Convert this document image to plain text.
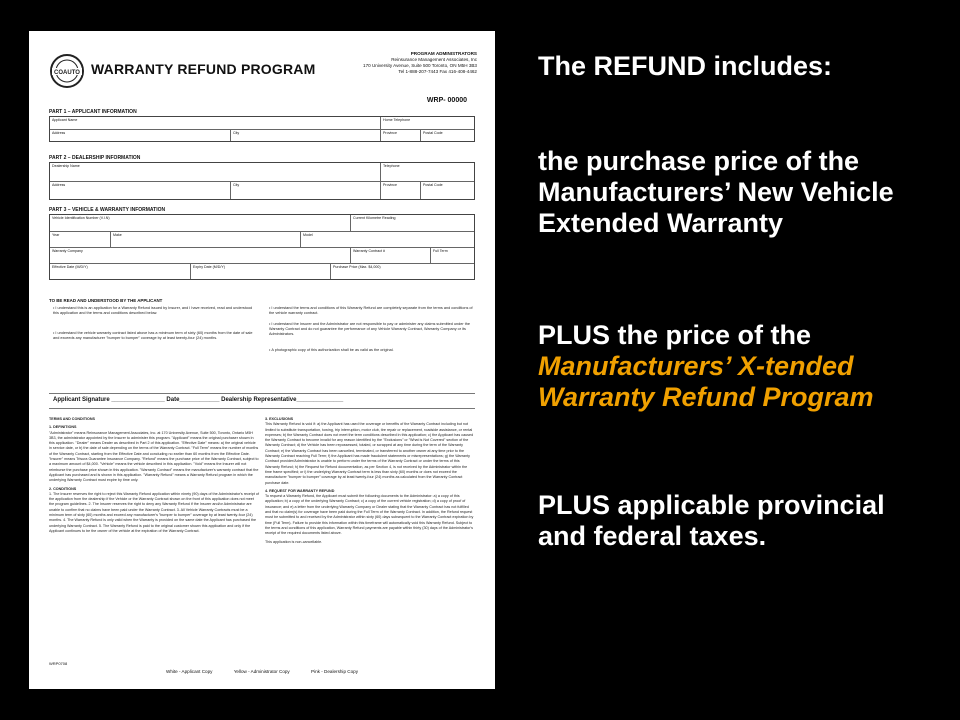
COAUTO WARRANTY REFUND PROGRAM
PROGRAM ADMINISTRATORS
Reinsurance Management Associates, Inc
170 University Avenue, Suite 500 Toronto, ON M5H 3B3
Tel 1-888-207-7443 Fax 416-408-4462
WRP- 00000
PART 1 – APPLICANT INFORMATION
Applicant Name	Home Telephone
Address	City	Province	Postal Code
PART 2 – DEALERSHIP INFORMATION
Dealership Name	Telephone
Address	City	Province	Postal Code
PART 3 – VEHICLE & WARRANTY INFORMATION
Vehicle Identification Number (V.I.N)	Current Kilometre Reading
Year	Make	Model
Warranty Company	Warranty Contract #	Full Term
Effective Date (M/D/Y)	Expiry Date (M/D/Y)	Purchase Price (Max. $4,000)
TO BE READ AND UNDERSTOOD BY THE APPLICANT
• I understand this is an application for a Warranty Refund issued by Insurer, and I have received, read and understood this application and the terms and conditions described below.
• I understand the vehicle warranty contract listed above has a minimum term of sixty (60) months from the date of sale and exceeds any manufacturer "bumper to bumper" coverage by at least twenty-four (24) months.
• I understand the terms and conditions of this Warranty Refund are completely separate from the terms and conditions of the vehicle warranty contract.
• I understand the Insurer and the Administrator are not responsible to pay or administer any claims submitted under the Warranty Contract and do not guarantee the performance of any Vehicle Warranty Contract, Warranty Company or its Administrators.
• A photographic copy of this authorization shall be as valid as the original.
Applicant Signature ________________ Date____________ Dealership Representative______________
TERMS AND CONDITIONS
1. DEFINITIONS
"Administrator" means Reinsurance Management Associates, Inc. at 170 University Avenue, Suite 500, Toronto, Ontario M5H 3B3, the administrator appointed by the Insurer to administer this program. "Applicant" means the original purchaser shown in this application. "Dealer" means Dealer as described in Part 2 of this application. "Effective Date" means: a) the original vehicle in service date, or b) the date of sale depending on the terms of the Warranty Contract. "Full Term" means the number of months of the Warranty Contract, starting from the Effective Date and concluding no earlier than 60 months from the Effective Date. "Insurer" means Trisura Guarantee Insurance Company. "Refund" means the purchase price of the Warranty Contract, subject to a maximum amount of $4,000. "Vehicle" means the vehicle described in this application. "Void" means the Insurer will not reimburse the purchase price shown in this application. "Warranty Contract" means the manufacturer's warranty contract that the Applicant has purchased and is shown in this application. "Warranty Refund" means a Warranty Refund program in which the underlying Warranty Contract must expire by time only.
2. CONDITIONS
1. The Insurer reserves the right to reject this Warranty Refund application within ninety (90) days of the Administrator's receipt of the application from the dealership if the Vehicle or the Warranty Contract shown on the front of this application does not meet the program guidelines. 2. The Insurer reserves the right to deny any Warranty Refund if the Insurer and/or Administrator are unable to confirm that no claims have been paid under the Warranty Contract. 3. All Vehicle Warranty Contracts must be a minimum term of sixty (60) months and exceed any manufacturer's "bumper to bumper" coverage by at least twenty-four (24) months. 4. The Warranty Refund is only valid when the Warranty is provided on the same date the Applicant has purchased the underlying Warranty Contract. 5. The Warranty Refund is paid to the original customer shown this application and only if the Applicant continues to be the owner of the vehicle at the expiration of the Warranty Contract.
3. EXCLUSIONS
This Warranty Refund is void if: a) the Applicant has used the coverage or benefits of the Warranty Contract including but not limited to substitute transportation, towing, trip interruption, motor club, tire repair or replacement, roadside assistance, or rental expenses; b) the Warranty Contract does not meet the term conditions described in this application; c) the Applicant has caused the Warranty Contract to become invalid for any reason identified by the "Exclusions" or "What is Not Covered" section of the Warranty Contract; d) the Vehicle has been repossessed, totaled, or scrapped at any time during the term of the Warranty Contract; e) the Warranty Contract has been cancelled, terminated, or transferred to another owner at any time prior to the Warranty Contract reaching Full Term; f) the Applicant has made fraudulent statements or misrepresentations; g) the Warranty Contract provider/Administrator is unable to perform under the terms of the Warranty Contract or under the terms of this Warranty Refund; h) the Request for Refund documentation, as per Section 4, is not received by the Administrator within the time frame specified; or i) the underlying Warranty Contract term is less than sixty (60) months or does not exceed the manufacturer "bumper to bumper" coverage by at least twenty-four (24) months as calculated from the Warranty Contract purchase date.
4. REQUEST FOR WARRANTY REFUND
To request a Warranty Refund, the Applicant must submit the following documents to the Administrator: a) a copy of this application; b) a copy of the underlying Warranty Contract; c) a copy of the current vehicle registration; d) a copy of proof of insurance; and e) a letter from the underlying Warranty Company or Dealer stating that the Warranty Contract has not fulfilled and that no claim(s) for coverage have been paid during the Full Term of the Warranty Contract. In addition, the Refund request must be submitted to and received by the Administrator within sixty (60) days subsequent to the Warranty Contract expiration by time (Full Term). Failure to provide this information within this timeframe will automatically void this Warranty Refund. Subject to the terms and conditions of this application, Warranty Refund payments are payable within thirty (30) days of the Administrator's receipt of the required documents listed above.
This application is non-cancellable.
WRP0708
White - Applicant Copy	Yellow - Administrator Copy	Pink - Dealership Copy
The REFUND includes:
the purchase price of the Manufacturers’ New Vehicle Extended Warranty
PLUS the price of the Manufacturers’ X-tended Warranty Refund Program
PLUS applicable provincial and federal taxes.
